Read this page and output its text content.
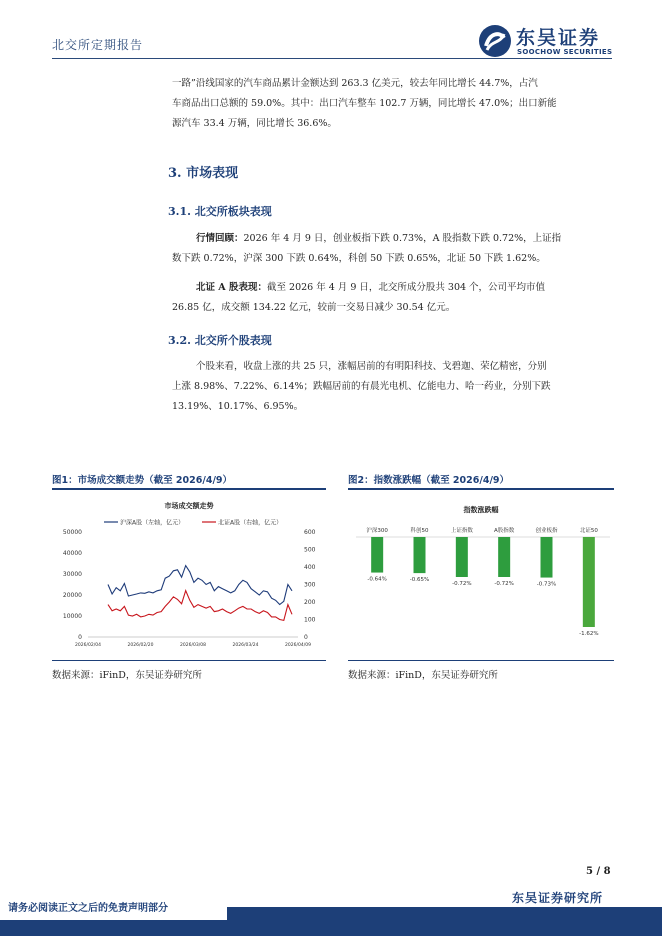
北交所定期报告	东吴证券
SOOCHOW SECURITIES
一路”沿线国家的汽车商品累计金额达到 263.3 亿美元，较去年同比增长 44.7%，占汽
车商品出口总额的 59.0%。其中：出口汽车整车 102.7 万辆，同比增长 47.0%；出口新能
源汽车 33.4 万辆，同比增长 36.6%。
3. 市场表现
3.1. 北交所板块表现
行情回顾：2026 年 4 月 9 日，创业板指下跌 0.73%，A 股指数下跌 0.72%，上证指
数下跌 0.72%，沪深 300 下跌 0.64%，科创 50 下跌 0.65%，北证 50 下跌 1.62%。
北证 A 股表现：截至 2026 年 4 月 9 日，北交所成分股共 304 个，公司平均市值
26.85 亿，成交额 134.22 亿元，较前一交易日减少 30.54 亿元。
3.2. 北交所个股表现
个股来看，收盘上涨的共 25 只，涨幅居前的有明阳科技、戈碧迦、荣亿精密，分别
上涨 8.98%、7.22%、6.14%；跌幅居前的有晨光电机、亿能电力、哈一药业，分别下跌
13.19%、10.17%、6.95%。
图1：市场成交额走势（截至 2026/4/9）
市场成交额走势
沪深A股（左轴，亿元）	北证A股（右轴，亿元）
0
10000
20000
30000
40000
50000
0
100
200
300
400
500
600
2026/02/04	2026/02/20	2026/03/08	2026/03/24	2026/04/09
数据来源：iFinD，东吴证券研究所
图2：指数涨跌幅（截至 2026/4/9）
指数涨跌幅
沪深300
-0.64%
科创50
-0.65%
上证指数
-0.72%
A股指数
-0.72%
创业板指
-0.73%
北证50
-1.62%
数据来源：iFinD，东吴证券研究所
5 / 8
东吴证券研究所
请务必阅读正文之后的免责声明部分
